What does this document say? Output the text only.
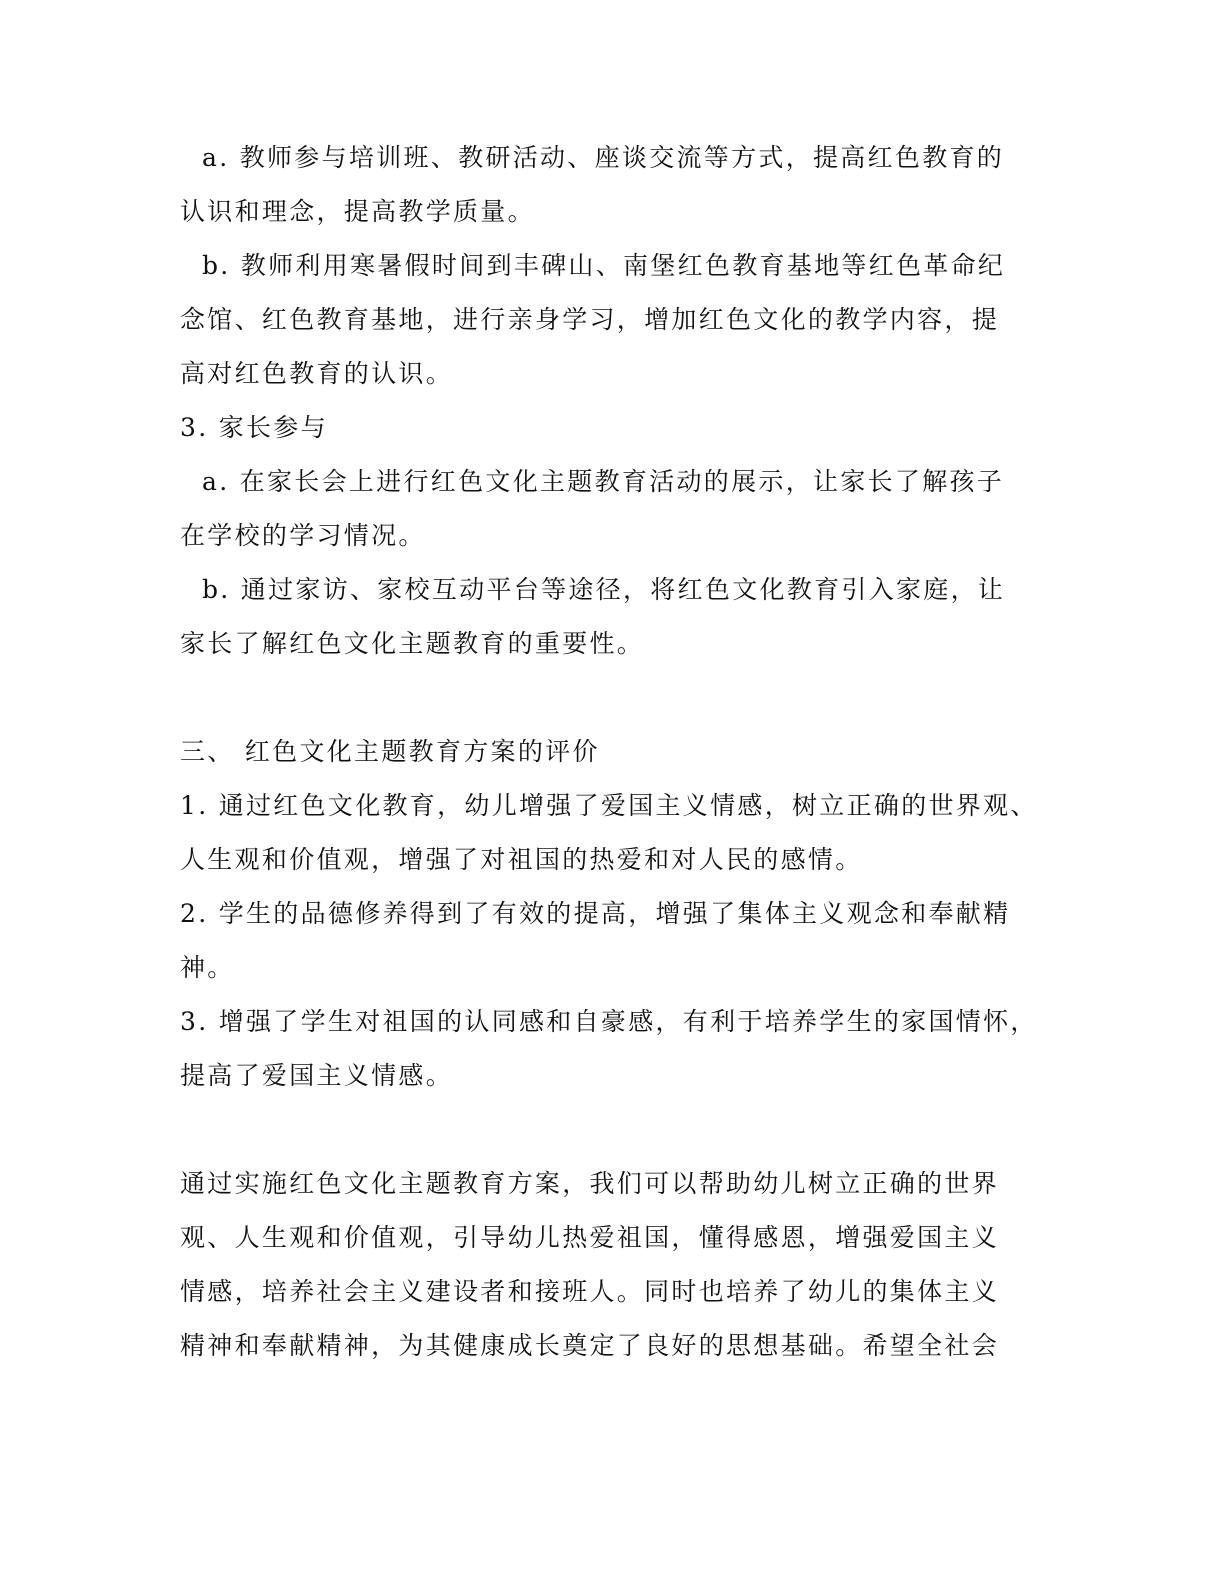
a. 教师参与培训班、教研活动、座谈交流等方式，提高红色教育的
认识和理念，提高教学质量。
b. 教师利用寒暑假时间到丰碑山、南堡红色教育基地等红色革命纪
念馆、红色教育基地，进行亲身学习，增加红色文化的教学内容，提
高对红色教育的认识。
3. 家长参与
a. 在家长会上进行红色文化主题教育活动的展示，让家长了解孩子
在学校的学习情况。
b. 通过家访、家校互动平台等途径，将红色文化教育引入家庭，让
家长了解红色文化主题教育的重要性。
三、 红色文化主题教育方案的评价
1. 通过红色文化教育，幼儿增强了爱国主义情感，树立正确的世界观、
人生观和价值观，增强了对祖国的热爱和对人民的感情。
2. 学生的品德修养得到了有效的提高，增强了集体主义观念和奉献精
神。
3. 增强了学生对祖国的认同感和自豪感，有利于培养学生的家国情怀，
提高了爱国主义情感。
通过实施红色文化主题教育方案，我们可以帮助幼儿树立正确的世界
观、人生观和价值观，引导幼儿热爱祖国，懂得感恩，增强爱国主义
情感，培养社会主义建设者和接班人。同时也培养了幼儿的集体主义
精神和奉献精神，为其健康成长奠定了良好的思想基础。希望全社会
